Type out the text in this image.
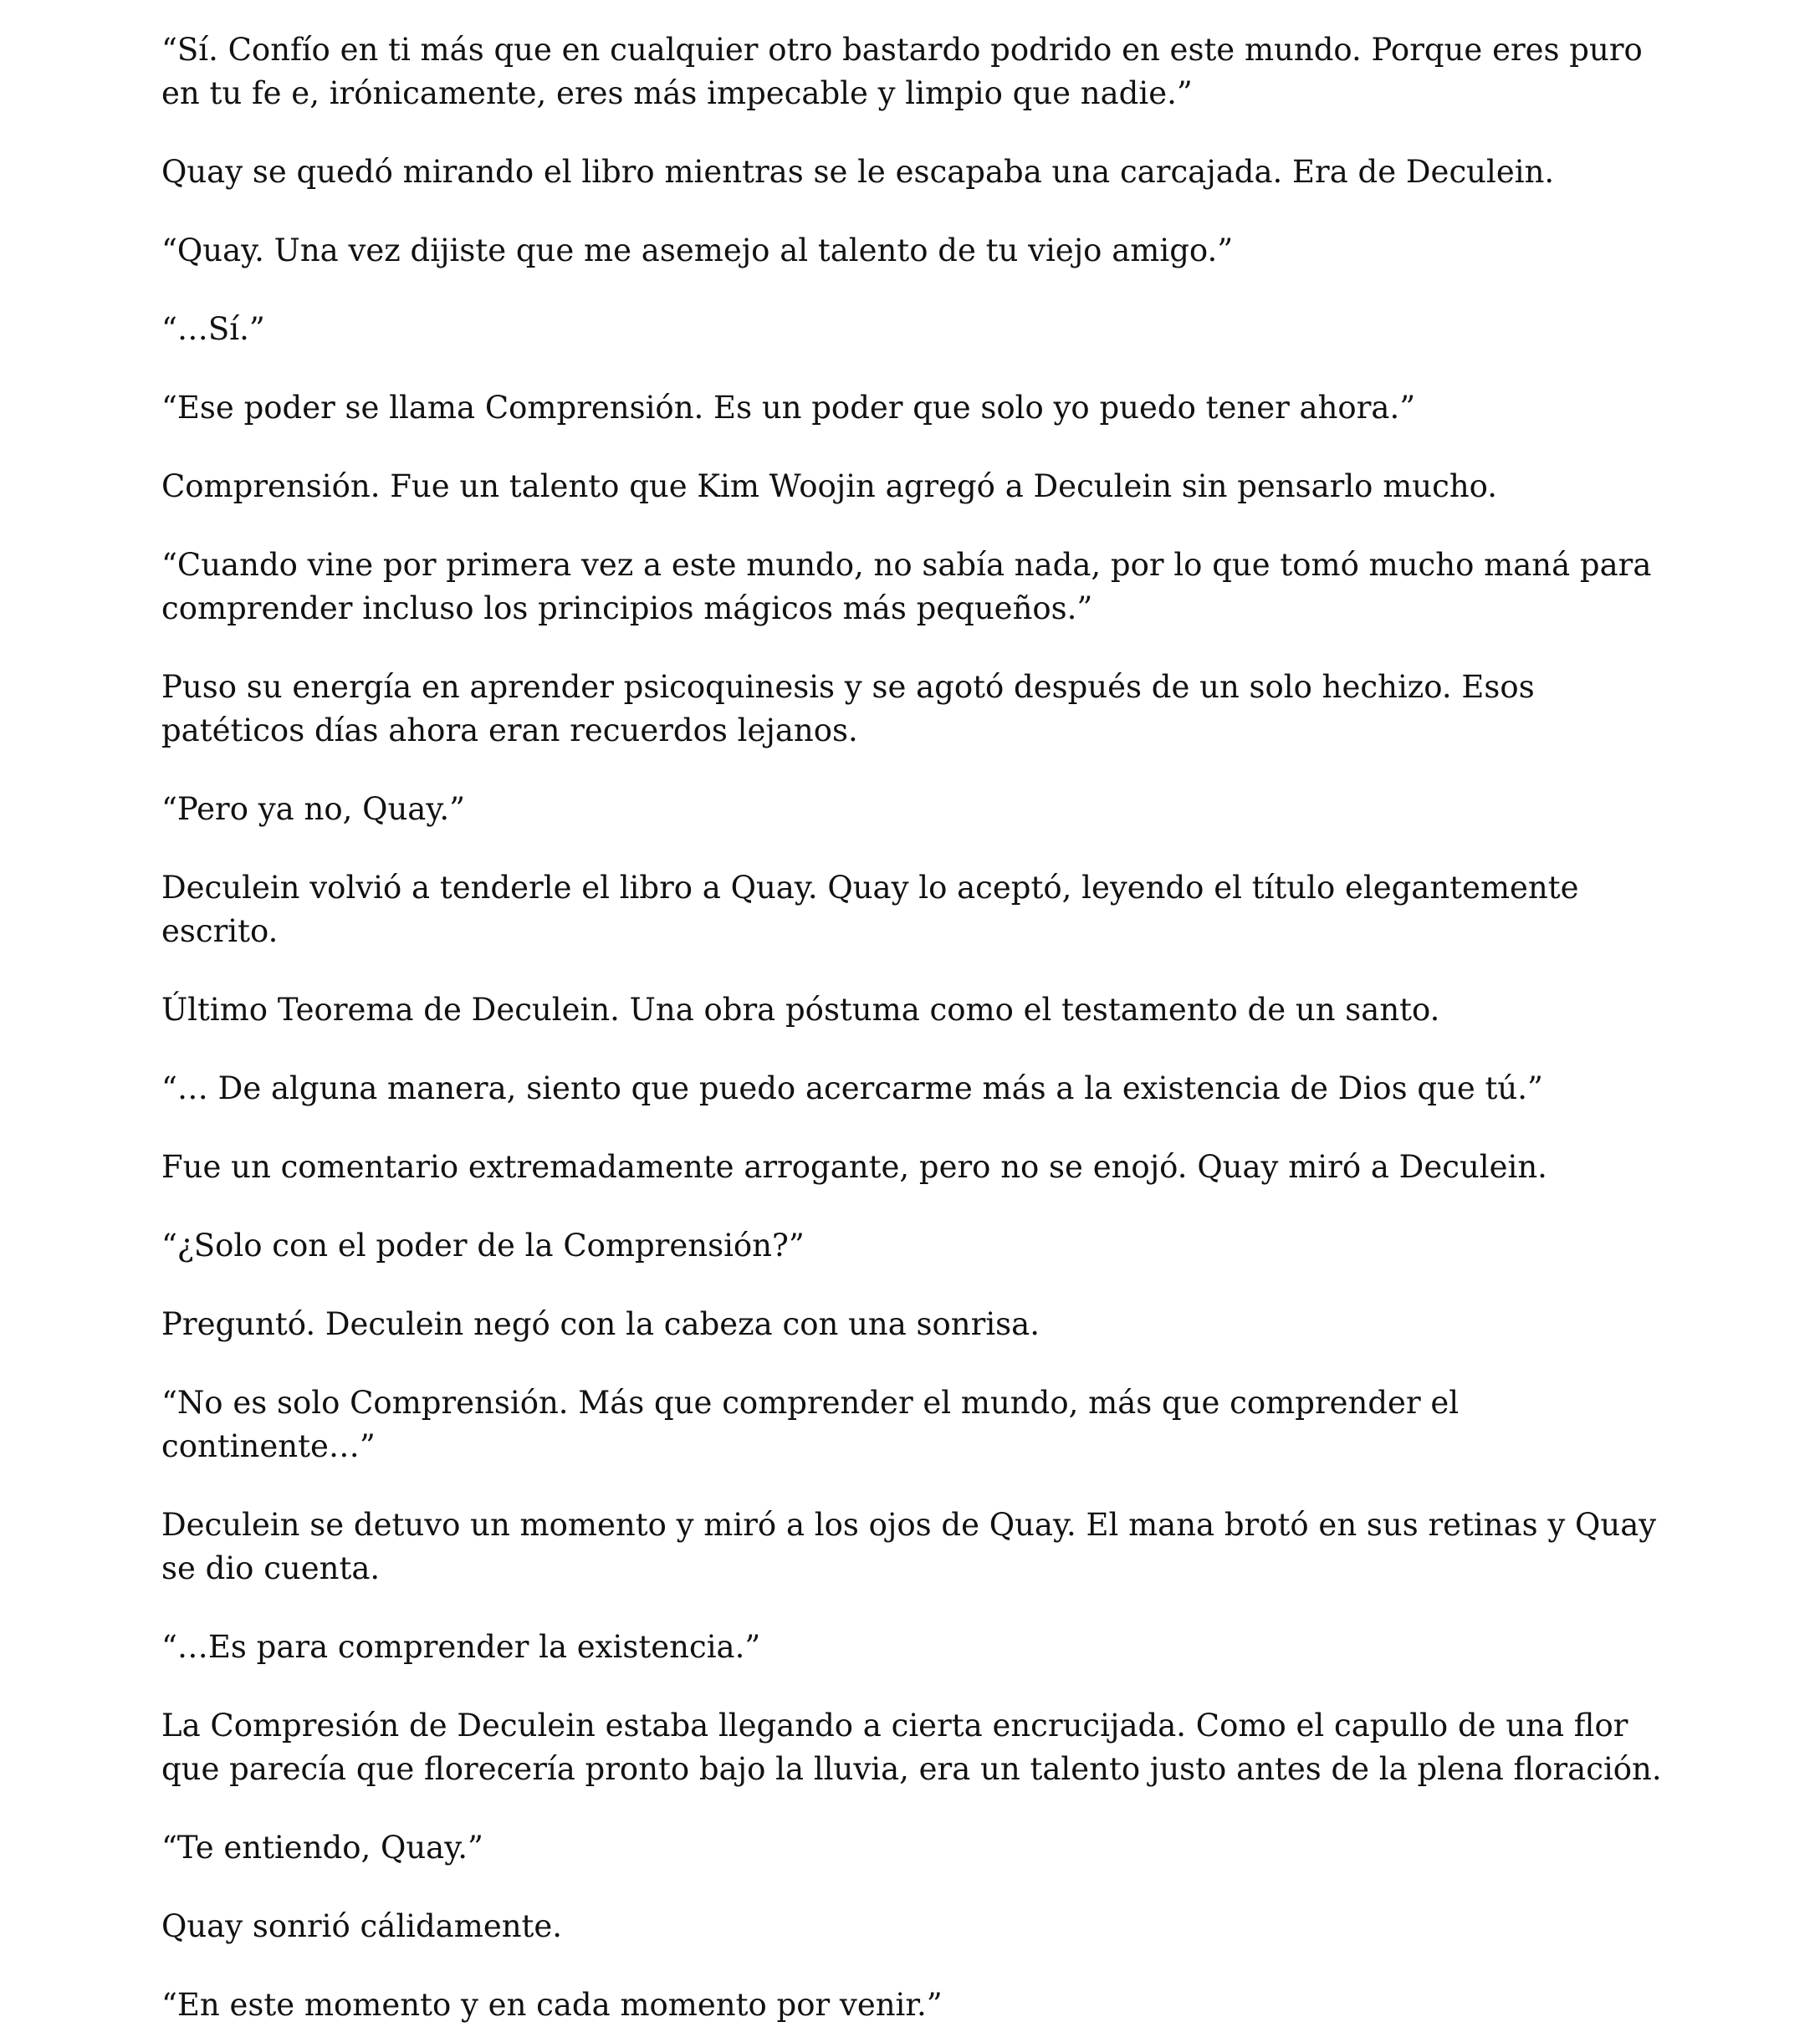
“Sí. Confío en ti más que en cualquier otro bastardo podrido en este mundo. Porque eres puro en tu fe e, irónicamente, eres más impecable y limpio que nadie.”

Quay se quedó mirando el libro mientras se le escapaba una carcajada. Era de Deculein.

“Quay. Una vez dijiste que me asemejo al talento de tu viejo amigo.”

“…Sí.”

“Ese poder se llama Comprensión. Es un poder que solo yo puedo tener ahora.”

Comprensión. Fue un talento que Kim Woojin agregó a Deculein sin pensarlo mucho.

“Cuando vine por primera vez a este mundo, no sabía nada, por lo que tomó mucho maná para comprender incluso los principios mágicos más pequeños.”

Puso su energía en aprender psicoquinesis y se agotó después de un solo hechizo. Esos patéticos días ahora eran recuerdos lejanos.

“Pero ya no, Quay.”

Deculein volvió a tenderle el libro a Quay. Quay lo aceptó, leyendo el título elegantemente escrito.

Último Teorema de Deculein. Una obra póstuma como el testamento de un santo.

“… De alguna manera, siento que puedo acercarme más a la existencia de Dios que tú.”

Fue un comentario extremadamente arrogante, pero no se enojó. Quay miró a Deculein.

“¿Solo con el poder de la Comprensión?”

Preguntó. Deculein negó con la cabeza con una sonrisa.

“No es solo Comprensión. Más que comprender el mundo, más que comprender el continente…”

Deculein se detuvo un momento y miró a los ojos de Quay. El mana brotó en sus retinas y Quay se dio cuenta.

“…Es para comprender la existencia.”

La Compresión de Deculein estaba llegando a cierta encrucijada. Como el capullo de una flor que parecía que florecería pronto bajo la lluvia, era un talento justo antes de la plena floración.

“Te entiendo, Quay.”

Quay sonrió cálidamente.

“En este momento y en cada momento por venir.”
